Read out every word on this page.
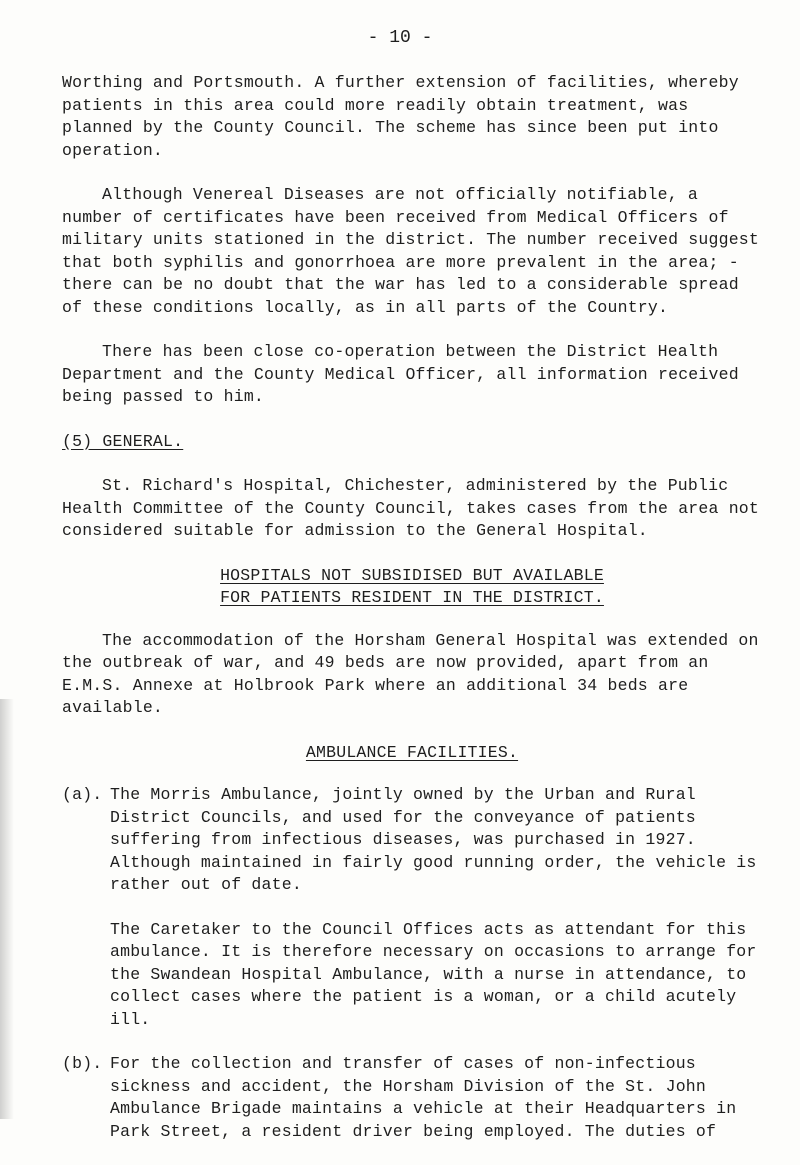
- 10 -

Worthing and Portsmouth. A further extension of facilities, whereby patients in this area could more readily obtain treatment, was planned by the County Council. The scheme has since been put into operation.

Although Venereal Diseases are not officially notifiable, a number of certificates have been received from Medical Officers of military units stationed in the district. The number received suggest that both syphilis and gonorrhoea are more prevalent in the area; - there can be no doubt that the war has led to a considerable spread of these conditions locally, as in all parts of the Country.

There has been close co-operation between the District Health Department and the County Medical Officer, all information received being passed to him.

(5) GENERAL.

St. Richard's Hospital, Chichester, administered by the Public Health Committee of the County Council, takes cases from the area not considered suitable for admission to the General Hospital.

HOSPITALS NOT SUBSIDISED BUT AVAILABLE
FOR PATIENTS RESIDENT IN THE DISTRICT.

The accommodation of the Horsham General Hospital was extended on the outbreak of war, and 49 beds are now provided, apart from an E.M.S. Annexe at Holbrook Park where an additional 34 beds are available.

AMBULANCE FACILITIES.
(a). The Morris Ambulance, jointly owned by the Urban and Rural District Councils, and used for the conveyance of patients suffering from infectious diseases, was purchased in 1927. Although maintained in fairly good running order, the vehicle is rather out of date.

The Caretaker to the Council Offices acts as attendant for this ambulance. It is therefore necessary on occasions to arrange for the Swandean Hospital Ambulance, with a nurse in attendance, to collect cases where the patient is a woman, or a child acutely ill.

(b). For the collection and transfer of cases of non-infectious sickness and accident, the Horsham Division of the St. John Ambulance Brigade maintains a vehicle at their Headquarters in Park Street, a resident driver being employed. The duties of
